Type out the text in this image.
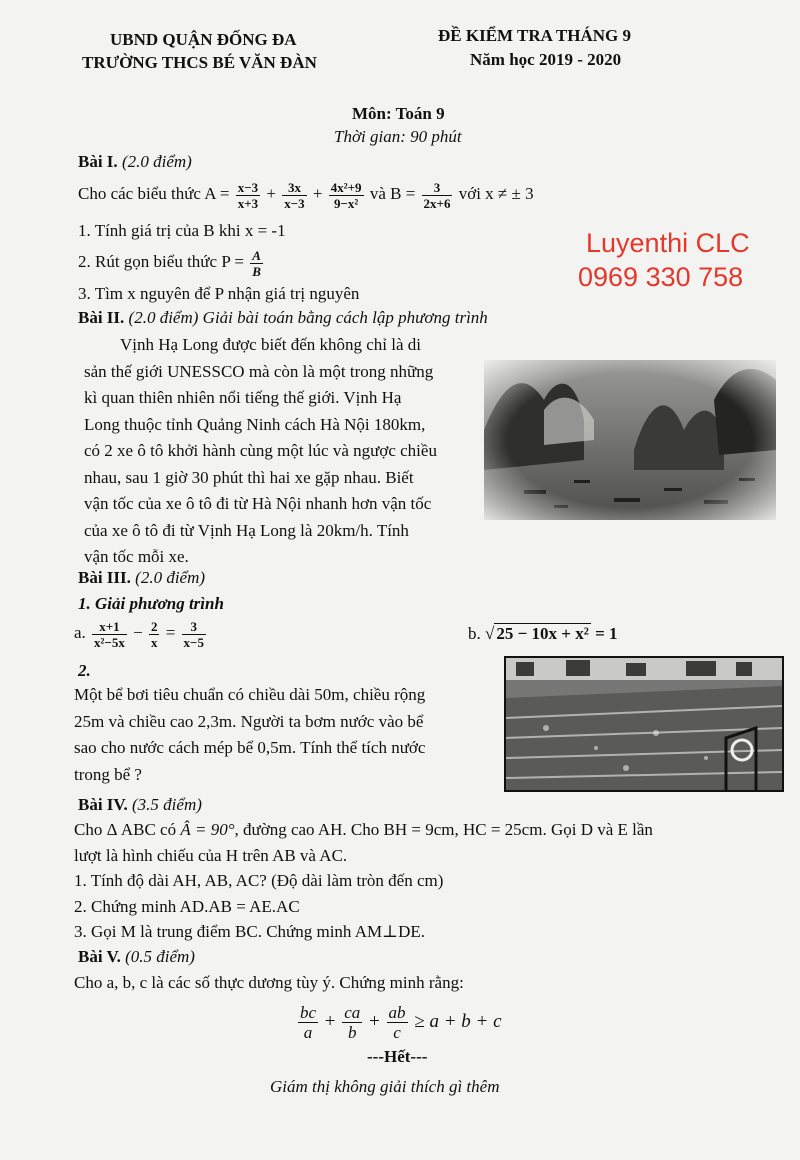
UBND QUẬN ĐỐNG ĐA
TRƯỜNG THCS BÉ VĂN ĐÀN
ĐỀ KIỂM TRA THÁNG 9
Năm học 2019 - 2020
Môn: Toán 9
Thời gian: 90 phút
Luyenthi CLC
0969 330 758
Bài I. (2.0 điểm)
Cho các biểu thức $A = \frac{x-3}{x+3} + \frac{3x}{x-3} + \frac{\text{4x²+9}}{\text{9−x²}}$ và $B = \frac{3}{2x+6}$ với x ≠ ± 3
1. Tính giá trị của B khi x = -1
2. Rút gọn biểu thức $P = \frac{A}{B}$
3. Tìm x nguyên để P nhận giá trị nguyên
Bài II. (2.0 điểm) Giải bài toán bằng cách lập phương trình
Vịnh Hạ Long được biết đến không chỉ là di
sản thế giới UNESSCO mà còn là một trong những
kì quan thiên nhiên nổi tiếng thế giới. Vịnh Hạ
Long thuộc tỉnh Quảng Ninh cách Hà Nội 180km,
có 2 xe ô tô khởi hành cùng một lúc và ngược chiều
nhau, sau 1 giờ 30 phút thì hai xe gặp nhau. Biết
vận tốc của xe ô tô đi từ Hà Nội nhanh hơn vận tốc
của xe ô tô đi từ Vịnh Hạ Long là 20km/h. Tính
vận tốc mỗi xe.
Bài III. (2.0 điểm)
1. Giải phương trình
a. $\frac{x+1}{\text{x²−5x}} - \frac{2}{x} = \frac{3}{x-5}$	b. √ 25 − 10x + x² = 1
2.
Một bể bơi tiêu chuẩn có chiều dài 50m, chiều rộng
25m và chiều cao 2,3m. Người ta bơm nước vào bể
sao cho nước cách mép bể 0,5m. Tính thể tích nước
trong bể ?
Bài IV. (3.5 điểm)
Cho Δ ABC có Â = 90°, đường cao AH. Cho BH = 9cm, HC = 25cm. Gọi D và E lần
lượt là hình chiếu của H trên AB và AC.
1. Tính độ dài AH, AB, AC? (Độ dài làm tròn đến cm)
2. Chứng minh AD.AB = AE.AC
3. Gọi M là trung điểm BC. Chứng minh AM⊥DE.
Bài V. (0.5 điểm)
Cho a, b, c là các số thực dương tùy ý. Chứng minh rằng:
$\frac{bc}{a} + \frac{ca}{b} + \frac{ab}{c} \ge a + b + c$
---Hết---
Giám thị không giải thích gì thêm
